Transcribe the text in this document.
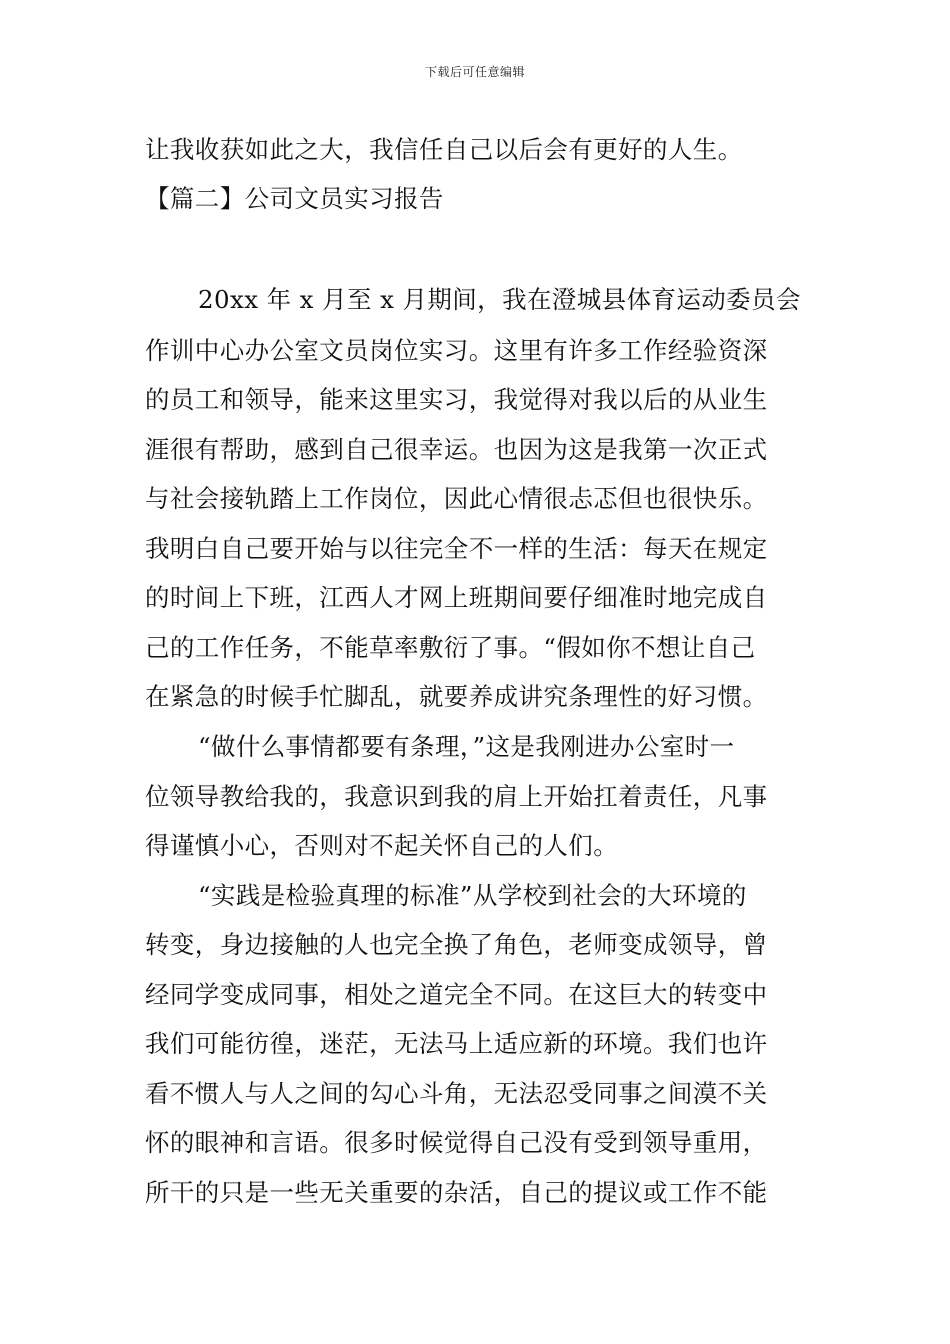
下载后可任意编辑
让我收获如此之大，我信任自己以后会有更好的人生。
【篇二】公司文员实习报告
20xx 年 x 月至 x 月期间，我在澄城县体育运动委员会
作训中心办公室文员岗位实习。这里有许多工作经验资深
的员工和领导，能来这里实习，我觉得对我以后的从业生
涯很有帮助，感到自己很幸运。也因为这是我第一次正式
与社会接轨踏上工作岗位，因此心情很忐忑但也很快乐。
我明白自己要开始与以往完全不一样的生活：每天在规定
的时间上下班，江西人才网上班期间要仔细准时地完成自
己的工作任务，不能草率敷衍了事。“假如你不想让自己
在紧急的时候手忙脚乱，就要养成讲究条理性的好习惯。
“做什么事情都要有条理，”这是我刚进办公室时一
位领导教给我的，我意识到我的肩上开始扛着责任，凡事
得谨慎小心，否则对不起关怀自己的人们。
“实践是检验真理的标准”从学校到社会的大环境的
转变，身边接触的人也完全换了角色，老师变成领导，曾
经同学变成同事，相处之道完全不同。在这巨大的转变中
我们可能彷徨，迷茫，无法马上适应新的环境。我们也许
看不惯人与人之间的勾心斗角，无法忍受同事之间漠不关
怀的眼神和言语。很多时候觉得自己没有受到领导重用，
所干的只是一些无关重要的杂活，自己的提议或工作不能
